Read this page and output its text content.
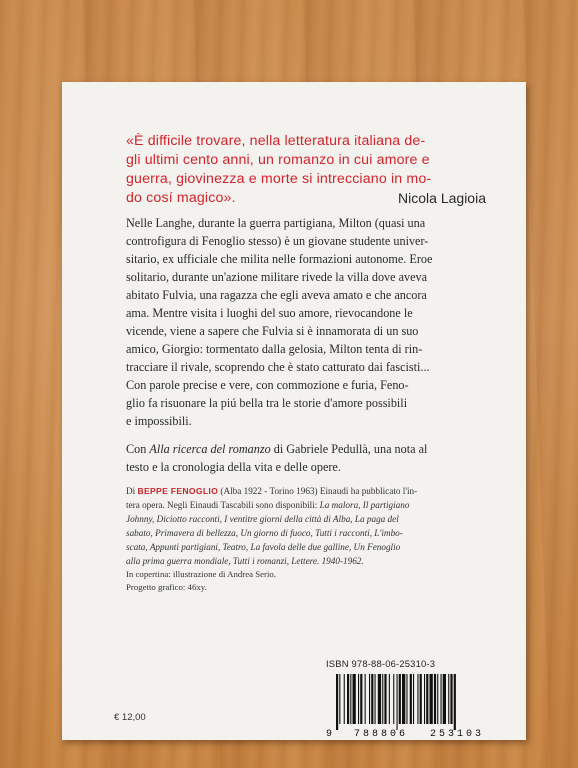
«È difficile trovare, nella letteratura italiana de-
gli ultimi cento anni, un romanzo in cui amore e
guerra, giovinezza e morte si intrecciano in mo-
do cosí magico».	Nicola Lagioia
Nelle Langhe, durante la guerra partigiana, Milton (quasi una
controfigura di Fenoglio stesso) è un giovane studente univer-
sitario, ex ufficiale che milita nelle formazioni autonome. Eroe
solitario, durante un'azione militare rivede la villa dove aveva
abitato Fulvia, una ragazza che egli aveva amato e che ancora
ama. Mentre visita i luoghi del suo amore, rievocandone le
vicende, viene a sapere che Fulvia si è innamorata di un suo
amico, Giorgio: tormentato dalla gelosia, Milton tenta di rin-
tracciare il rivale, scoprendo che è stato catturato dai fascisti...
Con parole precise e vere, con commozione e furia, Feno-
glio fa risuonare la piú bella tra le storie d'amore possibili
e impossibili.
Con Alla ricerca del romanzo di Gabriele Pedullà, una nota al
testo e la cronologia della vita e delle opere.
Di BEPPE FENOGLIO (Alba 1922 - Torino 1963) Einaudi ha pubblicato l'in-
tera opera. Negli Einaudi Tascabili sono disponibili: La malora, Il partigiano
Johnny, Diciotto racconti, I ventitre giorni della città di Alba, La paga del
sabato, Primavera di bellezza, Un giorno di fuoco, Tutti i racconti, L'imbo-
scata, Appunti partigiani, Teatro, La favola delle due galline, Un Fenoglio
alla prima guerra mondiale, Tutti i romanzi, Lettere. 1940-1962.
In copertina: illustrazione di Andrea Serio.
Progetto grafico: 46xy.
ISBN 978-88-06-25310-3
9 788806 253103
€ 12,00
